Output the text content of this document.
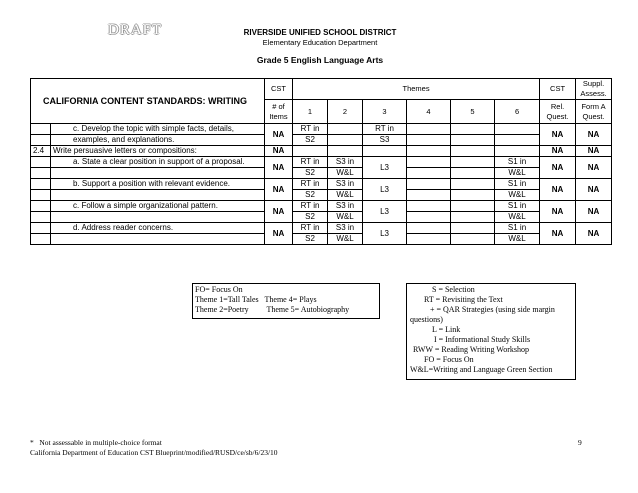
DRAFT	RIVERSIDE UNIFIED SCHOOL DISTRICT
Elementary Education Department
Grade 5 English Language Arts
CALIFORNIA CONTENT STANDARDS: WRITING		CST	Themes						CST	Suppl. Assess.
		# of Items	1	2	3	4	5	6	Rel. Quest.	Form A Quest.
	c. Develop the topic with simple facts, details,	NA	RT in		RT in				NA	NA
	examples, and explanations.		S2		S3					
2.4	Write persuasive letters or compositions:	NA							NA	NA
	a. State a clear position in support of a proposal.	NA	RT in	S3 in	L3			S1 in	NA	NA
			S2	W&L				W&L		
	b. Support a position with relevant evidence.	NA	RT in	S3 in	L3			S1 in	NA	NA
			S2	W&L				W&L		
	c. Follow a simple organizational pattern.	NA	RT in	S3 in	L3			S1 in	NA	NA
			S2	W&L				W&L		
	d. Address reader concerns.	NA	RT in	S3 in	L3			S1 in	NA	NA
			S2	W&L				W&L		
FO= Focus On
Theme 1=Tall Tales   Theme 4= Plays
Theme 2=Poetry         Theme 5= Autobiography
S = Selection
RT = Revisiting the Text
+ = QAR Strategies (using side margin
questions)
L = Link
I = Informational Study Skills
RWW = Reading Writing Workshop
FO = Focus On
W&L=Writing and Language Green Section
*   Not assessable in multiple-choice format
California Department of Education CST Blueprint/modified/RUSD/ce/sb/6/23/10
9
